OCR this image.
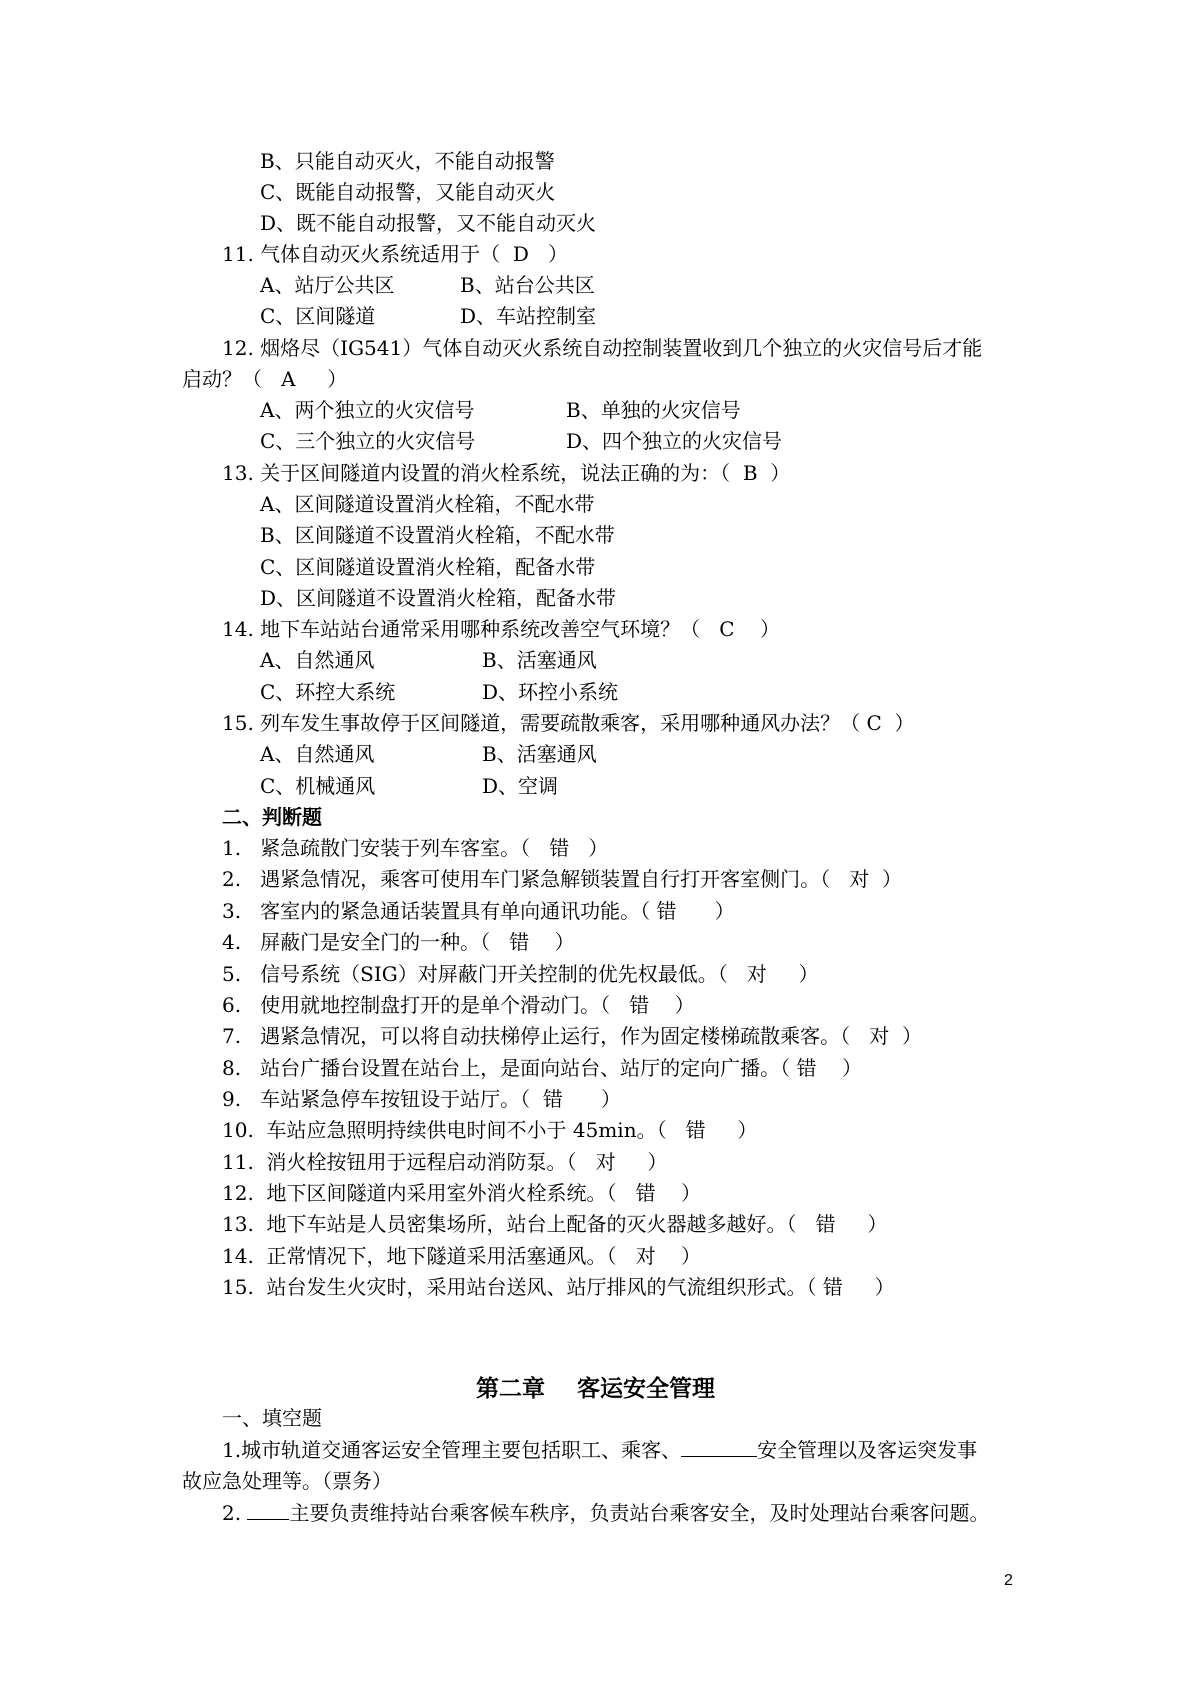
B、只能自动灭火，不能自动报警
C、既能自动报警，又能自动灭火
D、既不能自动报警，又不能自动灭火
11. 气体自动灭火系统适用于（  D   ）
A、站厅公共区	B、站台公共区
C、区间隧道	D、车站控制室
12. 烟烙尽（IG541）气体自动灭火系统自动控制装置收到几个独立的火灾信号后才能
启动？（   A     ）
A、两个独立的火灾信号	B、单独的火灾信号
C、三个独立的火灾信号	D、四个独立的火灾信号
13. 关于区间隧道内设置的消火栓系统，说法正确的为：（  B  ）
A、区间隧道设置消火栓箱，不配水带
B、区间隧道不设置消火栓箱，不配水带
C、区间隧道设置消火栓箱，配备水带
D、区间隧道不设置消火栓箱，配备水带
14. 地下车站站台通常采用哪种系统改善空气环境？（   C    ）
A、自然通风	B、活塞通风
C、环控大系统	D、环控小系统
15. 列车发生事故停于区间隧道，需要疏散乘客，采用哪种通风办法？（ C  ）
A、自然通风	B、活塞通风
C、机械通风	D、空调
二、判断题
1.   紧急疏散门安装于列车客室。（   错   ）
2.   遇紧急情况，乘客可使用车门紧急解锁装置自行打开客室侧门。（   对  ）
3.   客室内的紧急通话装置具有单向通讯功能。（ 错      ）
4.   屏蔽门是安全门的一种。（   错    ）
5.   信号系统（SIG）对屏蔽门开关控制的优先权最低。（   对     ）
6.   使用就地控制盘打开的是单个滑动门。（   错    ）
7.   遇紧急情况，可以将自动扶梯停止运行，作为固定楼梯疏散乘客。（   对  ）
8.   站台广播台设置在站台上，是面向站台、站厅的定向广播。（ 错    ）
9.   车站紧急停车按钮设于站厅。（  错      ）
10.  车站应急照明持续供电时间不小于 45min。（   错     ）
11.  消火栓按钮用于远程启动消防泵。（   对     ）
12.  地下区间隧道内采用室外消火栓系统。（   错    ）
13.  地下车站是人员密集场所，站台上配备的灭火器越多越好。（   错     ）
14.  正常情况下，地下隧道采用活塞通风。（   对    ）
15.  站台发生火灾时，采用站台送风、站厅排风的气流组织形式。（ 错     ）
第二章    客运安全管理
一、填空题
1.城市轨道交通客运安全管理主要包括职工、乘客、	安全管理以及客运突发事
故应急处理等。（票务）
2. 主要负责维持站台乘客候车秩序，负责站台乘客安全，及时处理站台乘客问题。
2
